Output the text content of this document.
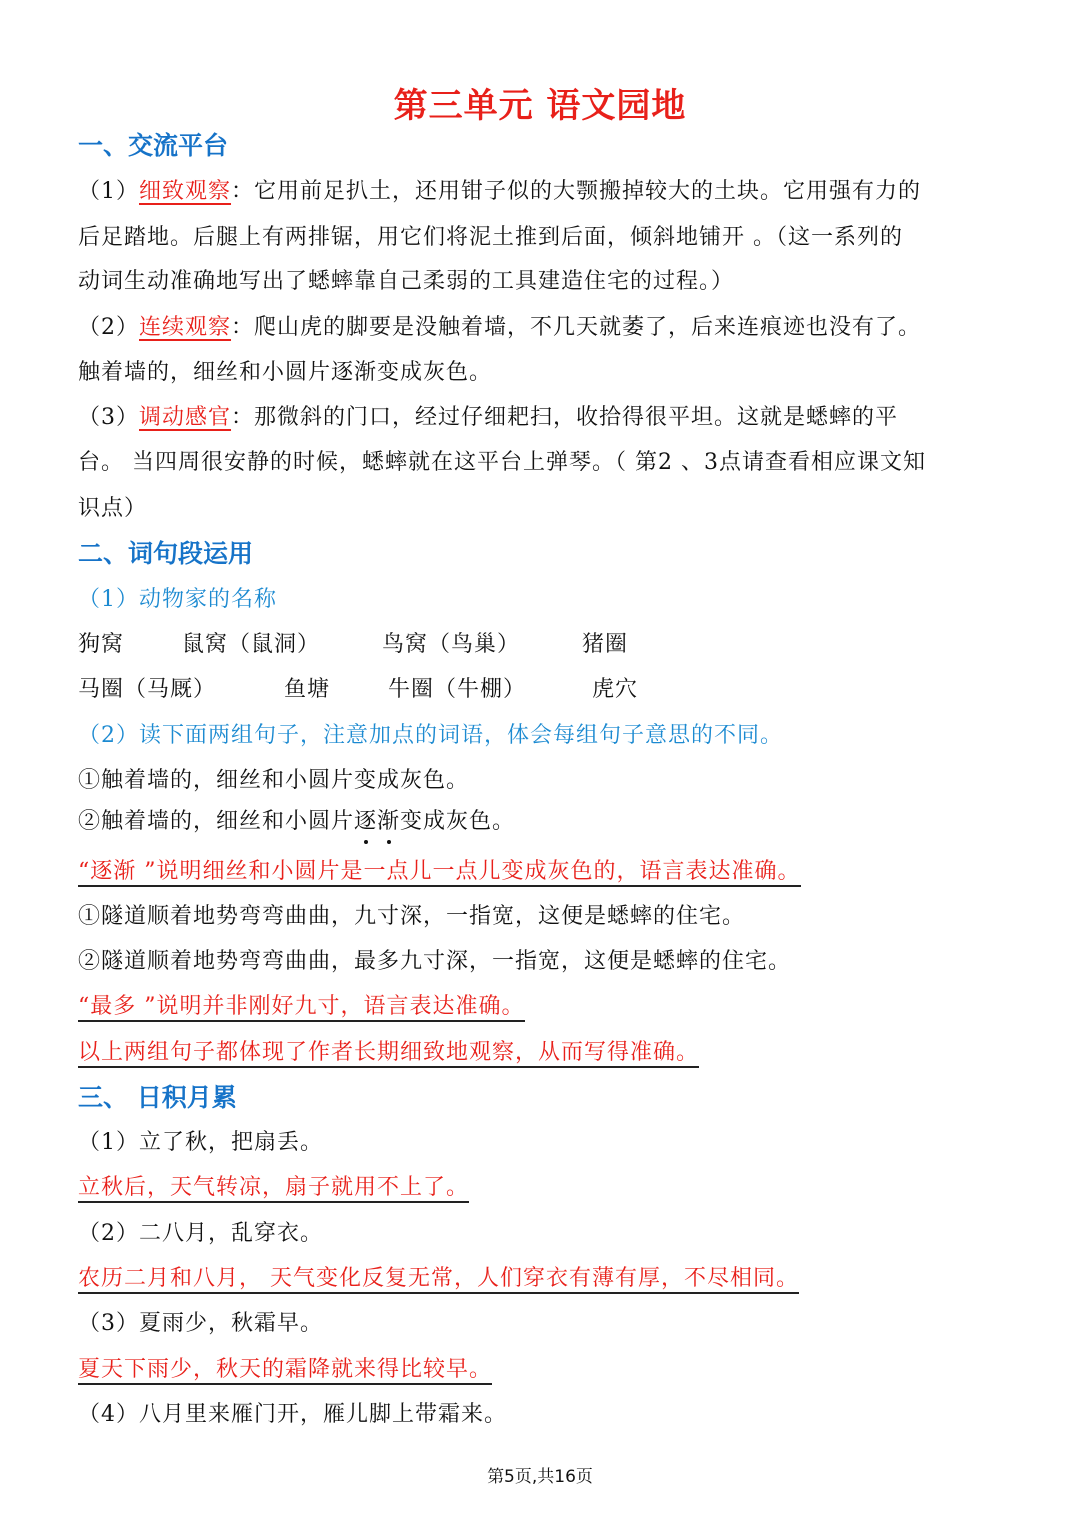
第三单元 语文园地
一、交流平台
（1）细致观察：它用前足扒土，还用钳子似的大颚搬掉较大的土块。它用强有力的
后足踏地。后腿上有两排锯，用它们将泥土推到后面，倾斜地铺开 。（这一系列的
动词生动准确地写出了蟋蟀靠自己柔弱的工具建造住宅的过程。）
（2）连续观察：爬山虎的脚要是没触着墙，不几天就萎了，后来连痕迹也没有了。
触着墙的，细丝和小圆片逐渐变成灰色。
（3）调动感官：那微斜的门口，经过仔细耙扫，收拾得很平坦。这就是蟋蟀的平
台。 当四周很安静的时候，蟋蟀就在这平台上弹琴。（ 第2 、3点请查看相应课文知
识点）
二、词句段运用
（1）动物家的名称
狗窝	鼠窝（鼠洞）	鸟窝（鸟巢）	猪圈
马圈（马厩）	鱼塘	牛圈（牛棚）	虎穴
（2）读下面两组句子，注意加点的词语，体会每组句子意思的不同。
①触着墙的，细丝和小圆片变成灰色。
②触着墙的，细丝和小圆片逐渐变成灰色。
“逐渐 ”说明细丝和小圆片是一点儿一点儿变成灰色的，语言表达准确。
①隧道顺着地势弯弯曲曲，九寸深，一指宽，这便是蟋蟀的住宅。
②隧道顺着地势弯弯曲曲，最多九寸深，一指宽，这便是蟋蟀的住宅。
“最多 ”说明并非刚好九寸，语言表达准确。
以上两组句子都体现了作者长期细致地观察，从而写得准确。
三、 日积月累
（1）立了秋，把扇丢。
立秋后，天气转凉，扇子就用不上了。
（2）二八月，乱穿衣。
农历二月和八月， 天气变化反复无常，人们穿衣有薄有厚，不尽相同。
（3）夏雨少，秋霜早。
夏天下雨少，秋天的霜降就来得比较早。
（4）八月里来雁门开，雁儿脚上带霜来。
第5页,共16页
